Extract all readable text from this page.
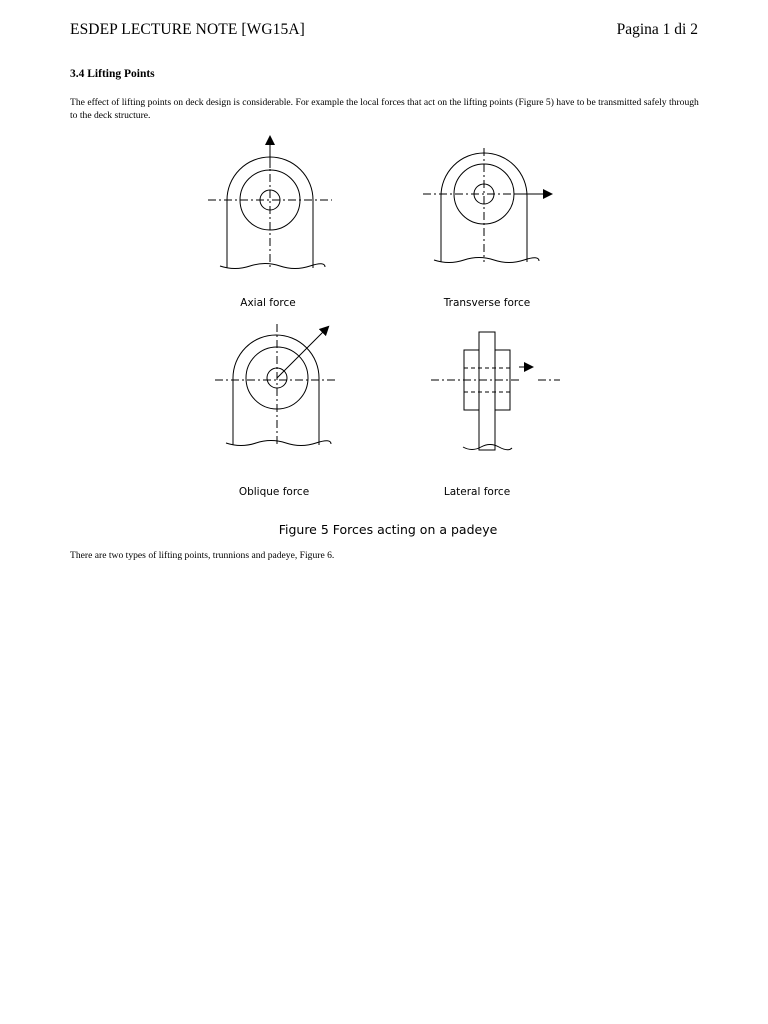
ESDEP LECTURE NOTE [WG15A]	Pagina 1 di 2
3.4 Lifting Points
The effect of lifting points on deck design is considerable. For example the local forces that act on the lifting points (Figure 5) have to be transmitted safely through to the deck structure.
Axial force	Transverse force
Oblique force	Lateral force
Figure 5 Forces acting on a padeye
There are two types of lifting points, trunnions and padeye, Figure 6.
